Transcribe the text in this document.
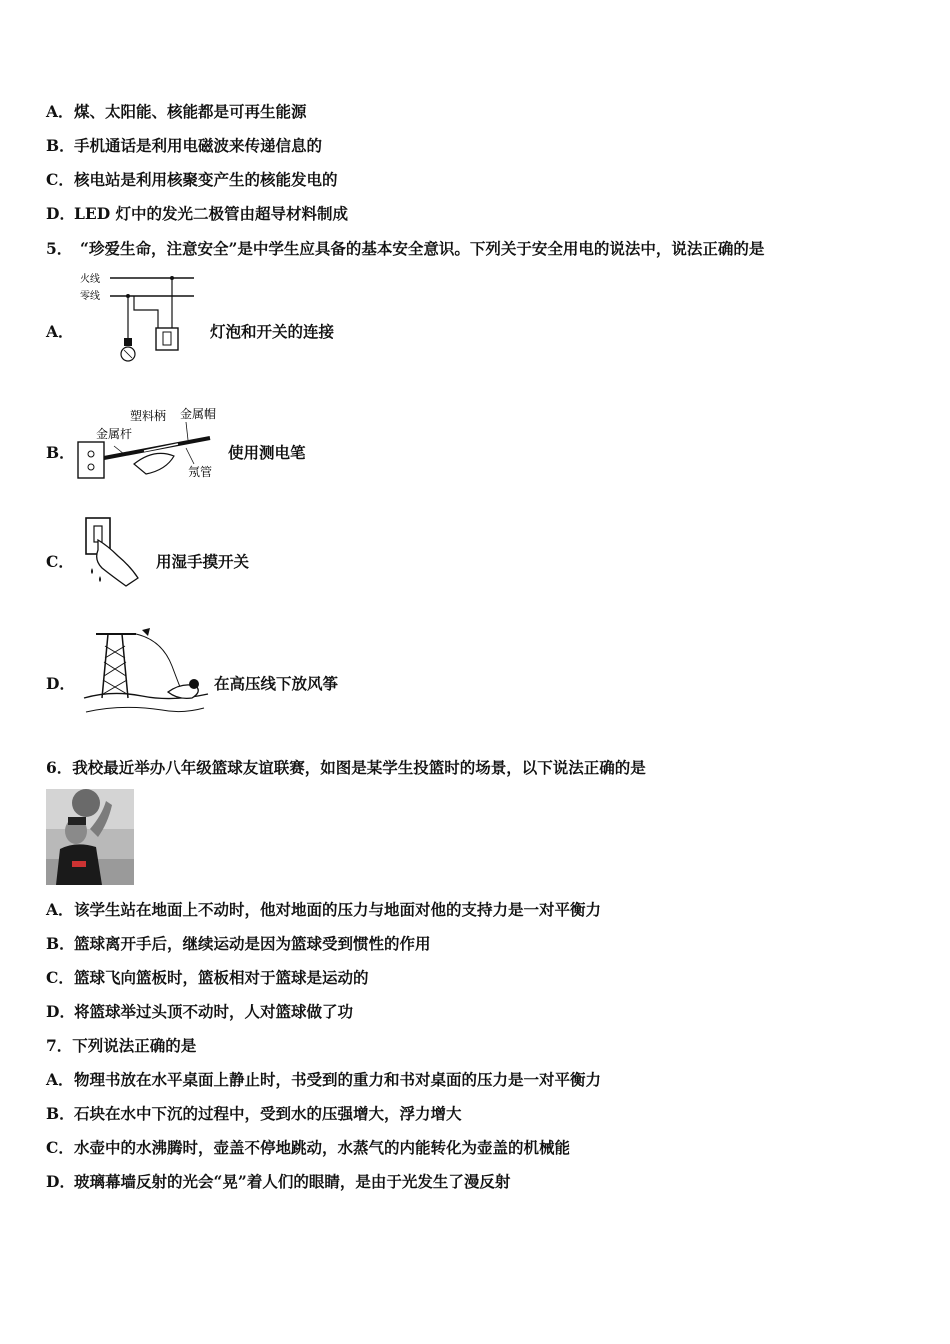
A．煤、太阳能、核能都是可再生能源
B．手机通话是利用电磁波来传递信息的
C．核电站是利用核聚变产生的核能发电的
D．LED 灯中的发光二极管由超导材料制成
5．　“珍爱生命，注意安全”是中学生应具备的基本安全意识。下列关于安全用电的说法中，说法正确的是
A．
火线
零线
灯泡和开关的连接
B．
塑料柄 金属帽
金属杆
氖管
使用测电笔
C．	用湿手摸开关
D．	在高压线下放风筝
6．我校最近举办八年级篮球友谊联赛，如图是某学生投篮时的场景，以下说法正确的是
A．该学生站在地面上不动时，他对地面的压力与地面对他的支持力是一对平衡力
B．篮球离开手后，继续运动是因为篮球受到惯性的作用
C．篮球飞向篮板时，篮板相对于篮球是运动的
D．将篮球举过头顶不动时，人对篮球做了功
7．下列说法正确的是
A．物理书放在水平桌面上静止时，书受到的重力和书对桌面的压力是一对平衡力
B．石块在水中下沉的过程中，受到水的压强增大，浮力增大
C．水壶中的水沸腾时，壶盖不停地跳动，水蒸气的内能转化为壶盖的机械能
D．玻璃幕墙反射的光会“晃”着人们的眼睛，是由于光发生了漫反射
